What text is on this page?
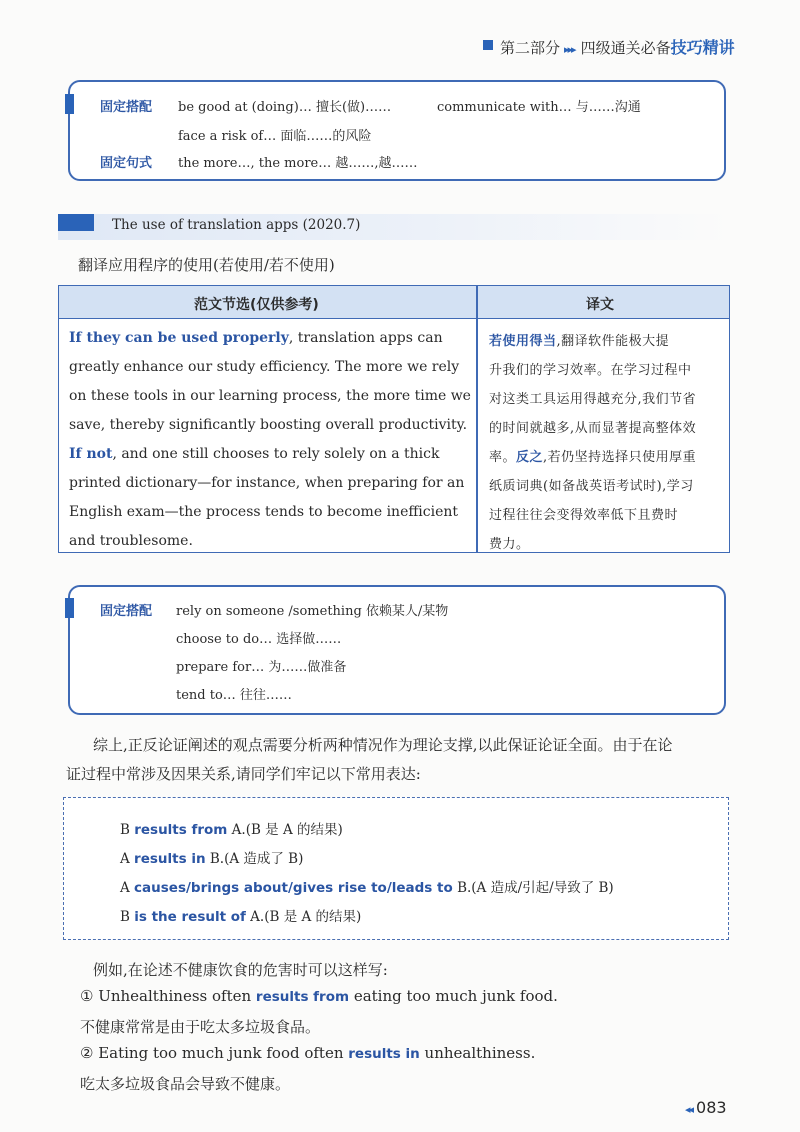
第二部分 ▸▸▸ 四级通关必备技巧精讲
固定搭配 be good at (doing)… 擅长(做)……	communicate with… 与……沟通
face a risk of… 面临……的风险
固定句式 the more…, the more… 越……,越……
The use of translation apps (2020.7)
翻译应用程序的使用(若使用/若不使用)
范文节选(仅供参考)	译文
If they can be used properly, translation apps can
greatly enhance our study efficiency. The more we rely
on these tools in our learning process, the more time we
save, thereby significantly boosting overall productivity.
If not, and one still chooses to rely solely on a thick
printed dictionary—for instance, when preparing for an
English exam—the process tends to become inefficient
and troublesome.
若使用得当,翻译软件能极大提
升我们的学习效率。在学习过程中
对这类工具运用得越充分,我们节省
的时间就越多,从而显著提高整体效
率。反之,若仍坚持选择只使用厚重
纸质词典(如备战英语考试时),学习
过程往往会变得效率低下且费时
费力。
固定搭配 rely on someone /something 依赖某人/某物
choose to do… 选择做……
prepare for… 为……做准备
tend to… 往往……
综上,正反论证阐述的观点需要分析两种情况作为理论支撑,以此保证论证全面。由于在论
证过程中常涉及因果关系,请同学们牢记以下常用表达:
B results from A.(B 是 A 的结果)
A results in B.(A 造成了 B)
A causes/brings about/gives rise to/leads to B.(A 造成/引起/导致了 B)
B is the result of A.(B 是 A 的结果)
例如,在论述不健康饮食的危害时可以这样写:
① Unhealthiness often results from eating too much junk food.
不健康常常是由于吃太多垃圾食品。
② Eating too much junk food often results in unhealthiness.
吃太多垃圾食品会导致不健康。
◂◂ 083
